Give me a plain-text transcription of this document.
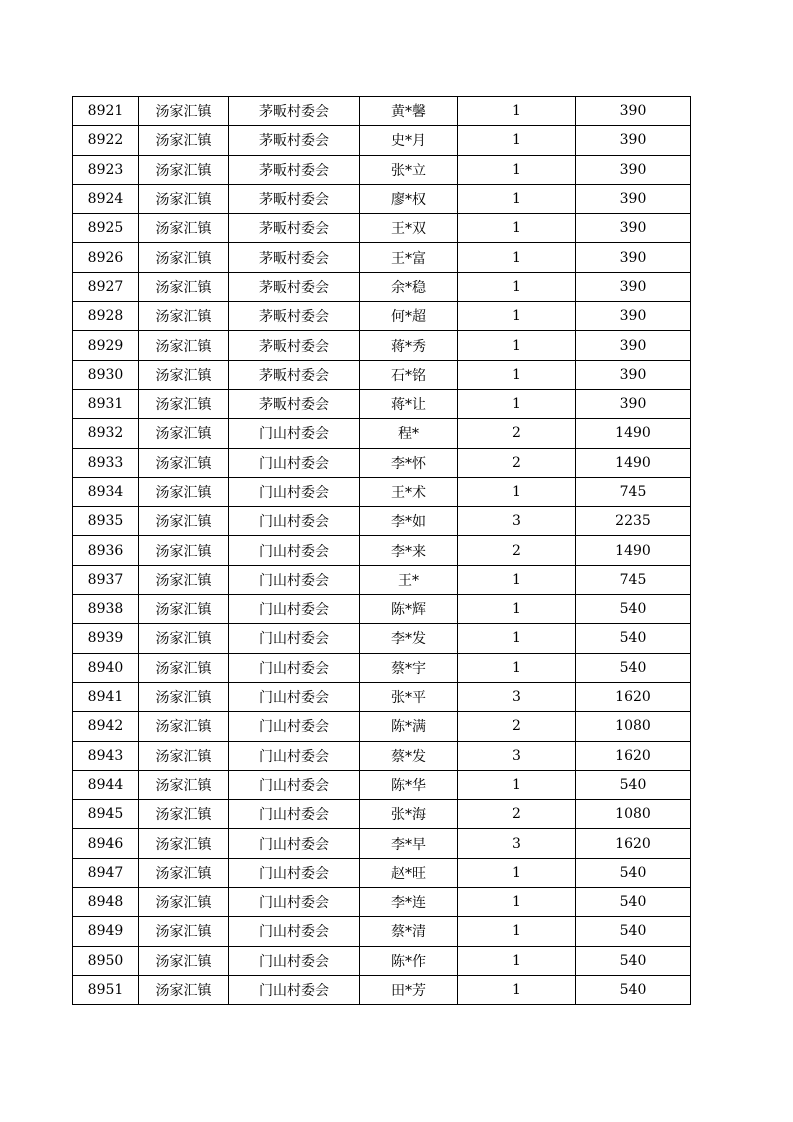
8921	汤家汇镇	茅畈村委会	黄*馨	1	390
8922	汤家汇镇	茅畈村委会	史*月	1	390
8923	汤家汇镇	茅畈村委会	张*立	1	390
8924	汤家汇镇	茅畈村委会	廖*权	1	390
8925	汤家汇镇	茅畈村委会	王*双	1	390
8926	汤家汇镇	茅畈村委会	王*富	1	390
8927	汤家汇镇	茅畈村委会	余*稳	1	390
8928	汤家汇镇	茅畈村委会	何*超	1	390
8929	汤家汇镇	茅畈村委会	蒋*秀	1	390
8930	汤家汇镇	茅畈村委会	石*铭	1	390
8931	汤家汇镇	茅畈村委会	蒋*让	1	390
8932	汤家汇镇	门山村委会	程*	2	1490
8933	汤家汇镇	门山村委会	李*怀	2	1490
8934	汤家汇镇	门山村委会	王*术	1	745
8935	汤家汇镇	门山村委会	李*如	3	2235
8936	汤家汇镇	门山村委会	李*来	2	1490
8937	汤家汇镇	门山村委会	王*	1	745
8938	汤家汇镇	门山村委会	陈*辉	1	540
8939	汤家汇镇	门山村委会	李*发	1	540
8940	汤家汇镇	门山村委会	蔡*宇	1	540
8941	汤家汇镇	门山村委会	张*平	3	1620
8942	汤家汇镇	门山村委会	陈*满	2	1080
8943	汤家汇镇	门山村委会	蔡*发	3	1620
8944	汤家汇镇	门山村委会	陈*华	1	540
8945	汤家汇镇	门山村委会	张*海	2	1080
8946	汤家汇镇	门山村委会	李*早	3	1620
8947	汤家汇镇	门山村委会	赵*旺	1	540
8948	汤家汇镇	门山村委会	李*连	1	540
8949	汤家汇镇	门山村委会	蔡*清	1	540
8950	汤家汇镇	门山村委会	陈*作	1	540
8951	汤家汇镇	门山村委会	田*芳	1	540
